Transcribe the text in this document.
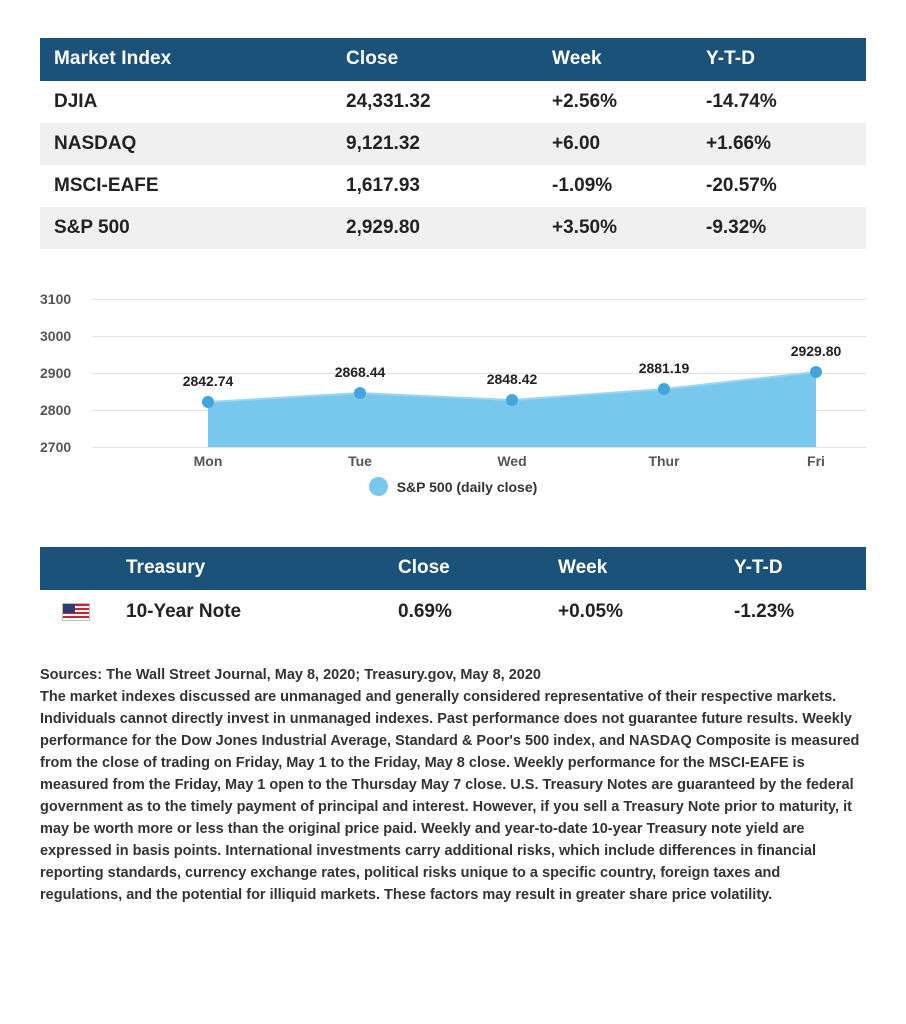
Market Index	Close	Week	Y-T-D
DJIA	24,331.32	+2.56%	-14.74%
NASDAQ	9,121.32	+6.00	+1.66%
MSCI-EAFE	1,617.93	-1.09%	-20.57%
S&P 500	2,929.80	+3.50%	-9.32%
3100
3000
2900
2800
2700
2842.74
2868.44	2848.42
2881.19
2929.80
Mon	Tue	Wed	Thur	Fri
S&P 500 (daily close)
	Treasury	Close	Week	Y-T-D
	10-Year Note	0.69%	+0.05%	-1.23%
Sources: The Wall Street Journal, May 8, 2020; Treasury.gov, May 8, 2020
The market indexes discussed are unmanaged and generally considered representative of their respective markets. Individuals cannot directly invest in unmanaged indexes. Past performance does not guarantee future results. Weekly performance for the Dow Jones Industrial Average, Standard & Poor's 500 index, and NASDAQ Composite is measured from the close of trading on Friday, May 1 to the Friday, May 8 close. Weekly performance for the MSCI-EAFE is measured from the Friday, May 1 open to the Thursday May 7 close. U.S. Treasury Notes are guaranteed by the federal government as to the timely payment of principal and interest. However, if you sell a Treasury Note prior to maturity, it may be worth more or less than the original price paid. Weekly and year-to-date 10-year Treasury note yield are expressed in basis points. International investments carry additional risks, which include differences in financial reporting standards, currency exchange rates, political risks unique to a specific country, foreign taxes and regulations, and the potential for illiquid markets. These factors may result in greater share price volatility.
